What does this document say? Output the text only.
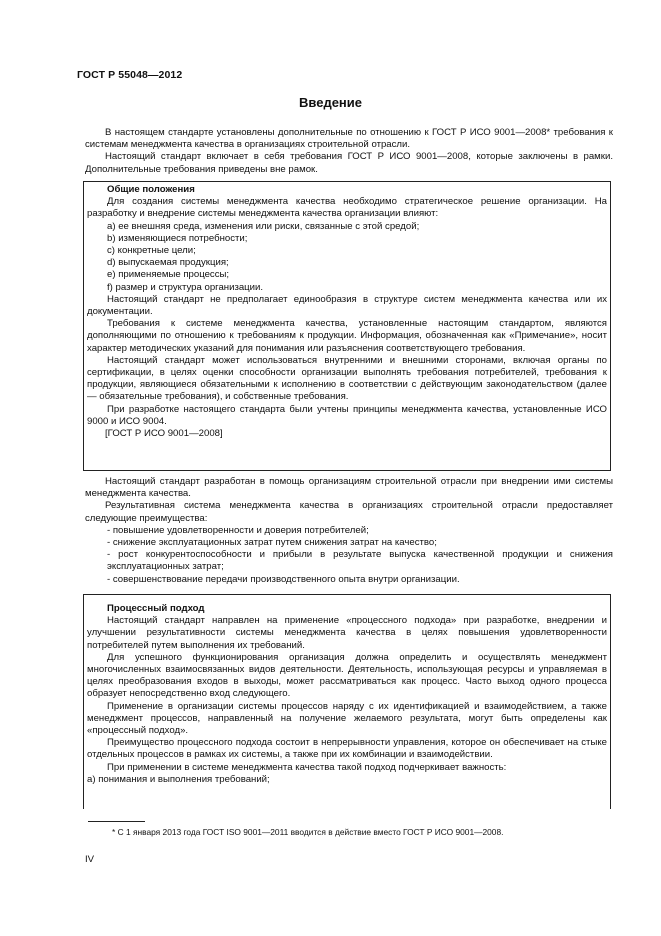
ГОСТ Р 55048—2012
Введение

В настоящем стандарте установлены дополнительные по отношению к ГОСТ Р ИСО 9001—2008* требования к системам менеджмента качества в организациях строительной отрасли.

Настоящий стандарт включает в себя требования ГОСТ Р ИСО 9001—2008, которые заключены в рамки. Дополнительные требования приведены вне рамок.

Общие положения

Для создания системы менеджмента качества необходимо стратегическое решение организации. На разработку и внедрение системы менеджмента качества организации влияют:

а) ее внешняя среда, изменения или риски, связанные с этой средой;

b) изменяющиеся потребности;

c) конкретные цели;

d) выпускаемая продукция;

e) применяемые процессы;

f) размер и структура организации.

Настоящий стандарт не предполагает единообразия в структуре систем менеджмента качества или их документации.

Требования к системе менеджмента качества, установленные настоящим стандартом, являются дополняющими по отношению к требованиям к продукции. Информация, обозначенная как «Примечание», носит характер методических указаний для понимания или разъяснения соответствующего требования.

Настоящий стандарт может использоваться внутренними и внешними сторонами, включая органы по сертификации, в целях оценки способности организации выполнять требования потребителей, требования к продукции, являющиеся обязательными к исполнению в соответствии с действующим законодательством (далее — обязательные требования), и собственные требования.

При разработке настоящего стандарта были учтены принципы менеджмента качества, установленные ИСО 9000 и ИСО 9004.

[ГОСТ Р ИСО 9001—2008]

Настоящий стандарт разработан в помощь организациям строительной отрасли при внедрении ими системы менеджмента качества.

Результативная система менеджмента качества в организациях строительной отрасли предоставляет следующие преимущества:

- повышение удовлетворенности и доверия потребителей;

- снижение эксплуатационных затрат путем снижения затрат на качество;

- рост конкурентоспособности и прибыли в результате выпуска качественной продукции и снижения эксплуатационных затрат;

- совершенствование передачи производственного опыта внутри организации.

Процессный подход

Настоящий стандарт направлен на применение «процессного подхода» при разработке, внедрении и улучшении результативности системы менеджмента качества в целях повышения удовлетворенности потребителей путем выполнения их требований.

Для успешного функционирования организация должна определить и осуществлять менеджмент многочисленных взаимосвязанных видов деятельности. Деятельность, использующая ресурсы и управляемая в целях преобразования входов в выходы, может рассматриваться как процесс. Часто выход одного процесса образует непосредственно вход следующего.

Применение в организации системы процессов наряду с их идентификацией и взаимодействием, а также менеджмент процессов, направленный на получение желаемого результата, могут быть определены как «процессный подход».

Преимущество процессного подхода состоит в непрерывности управления, которое он обеспечивает на стыке отдельных процессов в рамках их системы, а также при их комбинации и взаимодействии.

При применении в системе менеджмента качества такой подход подчеркивает важность:

а) понимания и выполнения требований;

* С 1 января 2013 года ГОСТ ISO 9001—2011 вводится в действие вместо ГОСТ Р ИСО 9001—2008.
IV
